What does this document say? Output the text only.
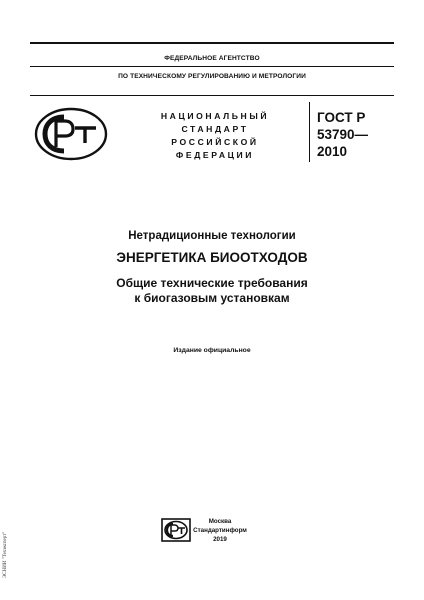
ФЕДЕРАЛЬНОЕ АГЕНТСТВО
ПО ТЕХНИЧЕСКОМУ РЕГУЛИРОВАНИЮ И МЕТРОЛОГИИ
НАЦИОНАЛЬНЫЙ
СТАНДАРТ
РОССИЙСКОЙ
ФЕДЕРАЦИИ
ГОСТ Р
53790—
2010
Нетрадиционные технологии
ЭНЕРГЕТИКА БИООТХОДОВ
Общие технические требования
к биогазовым установкам
Издание официальное
Москва
Стандартинформ
2019
ЭСНИИ "Техэксперт"
